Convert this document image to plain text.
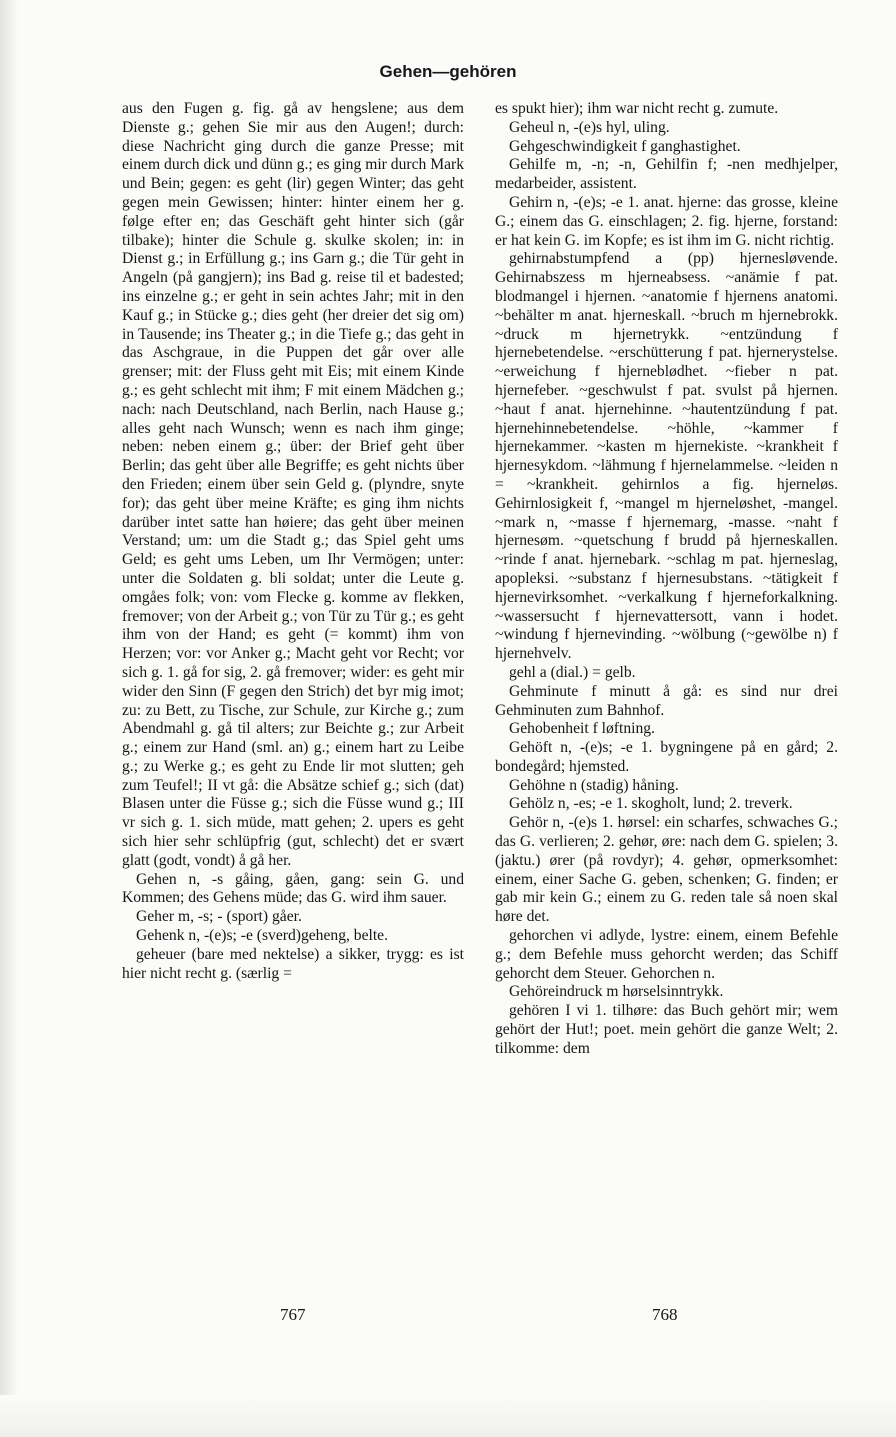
Gehen—gehören

aus den Fugen g. fig. gå av hengslene; aus dem Dienste g.; gehen Sie mir aus den Augen!; durch: diese Nachricht ging durch die ganze Presse; mit einem durch dick und dünn g.; es ging mir durch Mark und Bein; gegen: es geht (lir) gegen Winter; das geht gegen mein Gewissen; hinter: hinter einem her g. følge efter en; das Geschäft geht hinter sich (går tilbake); hinter die Schule g. skulke skolen; in: in Dienst g.; in Erfüllung g.; ins Garn g.; die Tür geht in Angeln (på gangjern); ins Bad g. reise til et badested; ins einzelne g.; er geht in sein achtes Jahr; mit in den Kauf g.; in Stücke g.; dies geht (her dreier det sig om) in Tausende; ins Theater g.; in die Tiefe g.; das geht in das Aschgraue, in die Puppen det går over alle grenser; mit: der Fluss geht mit Eis; mit einem Kinde g.; es geht schlecht mit ihm; F mit einem Mädchen g.; nach: nach Deutschland, nach Berlin, nach Hause g.; alles geht nach Wunsch; wenn es nach ihm ginge; neben: neben einem g.; über: der Brief geht über Berlin; das geht über alle Begriffe; es geht nichts über den Frieden; einem über sein Geld g. (plyndre, snyte for); das geht über meine Kräfte; es ging ihm nichts darüber intet satte han høiere; das geht über meinen Verstand; um: um die Stadt g.; das Spiel geht ums Geld; es geht ums Leben, um Ihr Vermögen; unter: unter die Soldaten g. bli soldat; unter die Leute g. omgåes folk; von: vom Flecke g. komme av flekken, fremover; von der Arbeit g.; von Tür zu Tür g.; es geht ihm von der Hand; es geht (= kommt) ihm von Herzen; vor: vor Anker g.; Macht geht vor Recht; vor sich g. 1. gå for sig, 2. gå fremover; wider: es geht mir wider den Sinn (F gegen den Strich) det byr mig imot; zu: zu Bett, zu Tische, zur Schule, zur Kirche g.; zum Abendmahl g. gå til alters; zur Beichte g.; zur Arbeit g.; einem zur Hand (sml. an) g.; einem hart zu Leibe g.; zu Werke g.; es geht zu Ende lir mot slutten; geh zum Teufel!; II vt gå: die Absätze schief g.; sich (dat) Blasen unter die Füsse g.; sich die Füsse wund g.; III vr sich g. 1. sich müde, matt gehen; 2. upers es geht sich hier sehr schlüpfrig (gut, schlecht) det er svært glatt (godt, vondt) å gå her.

Gehen n, -s gåing, gåen, gang: sein G. und Kommen; des Gehens müde; das G. wird ihm sauer.

Geher m, -s; - (sport) gåer.

Gehenk n, -(e)s; -e (sverd)geheng, belte.

geheuer (bare med nektelse) a sikker, trygg: es ist hier nicht recht g. (særlig =

es spukt hier); ihm war nicht recht g. zumute.

Geheul n, -(e)s hyl, uling.

Gehgeschwindigkeit f ganghastighet.

Gehilfe m, -n; -n, Gehilfin f; -nen medhjelper, medarbeider, assistent.

Gehirn n, -(e)s; -e 1. anat. hjerne: das grosse, kleine G.; einem das G. einschlagen; 2. fig. hjerne, forstand: er hat kein G. im Kopfe; es ist ihm im G. nicht richtig.

gehirnabstumpfend a (pp) hjernesløvende. Gehirnabszess m hjerneabsess. ~anämie f pat. blodmangel i hjernen. ~anatomie f hjernens anatomi. ~behälter m anat. hjerneskall. ~bruch m hjernebrokk. ~druck m hjernetrykk. ~entzündung f hjernebetendelse. ~erschütterung f pat. hjernerystelse. ~erweichung f hjerneblødhet. ~fieber n pat. hjernefeber. ~geschwulst f pat. svulst på hjernen. ~haut f anat. hjernehinne. ~hautentzündung f pat. hjernehinnebetendelse. ~höhle, ~kammer f hjernekammer. ~kasten m hjernekiste. ~krankheit f hjernesykdom. ~lähmung f hjernelammelse. ~leiden n = ~krankheit. gehirnlos a fig. hjerneløs. Gehirnlosigkeit f, ~mangel m hjerneløshet, -mangel. ~mark n, ~masse f hjernemarg, -masse. ~naht f hjernesøm. ~quetschung f brudd på hjerneskallen. ~rinde f anat. hjernebark. ~schlag m pat. hjerneslag, apopleksi. ~substanz f hjernesubstans. ~tätigkeit f hjernevirksomhet. ~verkalkung f hjerneforkalkning. ~wassersucht f hjernevattersott, vann i hodet. ~windung f hjernevinding. ~wölbung (~gewölbe n) f hjernehvelv.

gehl a (dial.) = gelb.

Gehminute f minutt å gå: es sind nur drei Gehminuten zum Bahnhof.

Gehobenheit f løftning.

Gehöft n, -(e)s; -e 1. bygningene på en gård; 2. bondegård; hjemsted.

Gehöhne n (stadig) håning.

Gehölz n, -es; -e 1. skogholt, lund; 2. treverk.

Gehör n, -(e)s 1. hørsel: ein scharfes, schwaches G.; das G. verlieren; 2. gehør, øre: nach dem G. spielen; 3. (jaktu.) ører (på rovdyr); 4. gehør, opmerksomhet: einem, einer Sache G. geben, schenken; G. finden; er gab mir kein G.; einem zu G. reden tale så noen skal høre det.

gehorchen vi adlyde, lystre: einem, einem Befehle g.; dem Befehle muss gehorcht werden; das Schiff gehorcht dem Steuer. Gehorchen n.

Gehöreindruck m hørselsinntrykk.

gehören I vi 1. tilhøre: das Buch gehört mir; wem gehört der Hut!; poet. mein gehört die ganze Welt; 2. tilkomme: dem

767	768
